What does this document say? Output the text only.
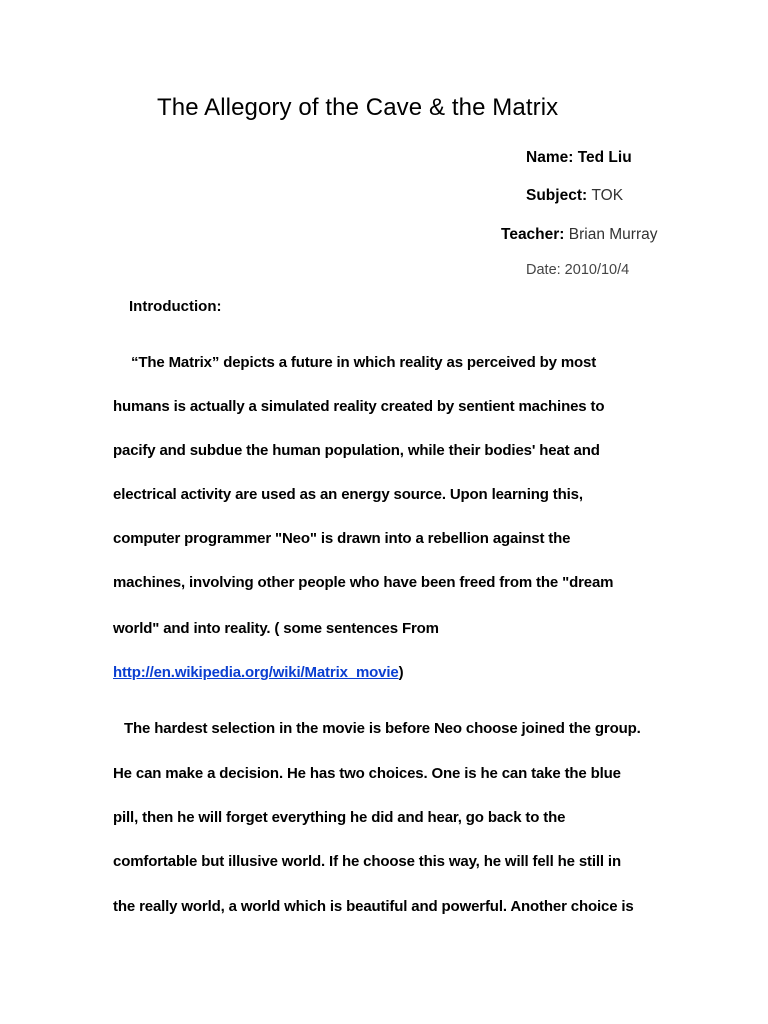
The Allegory of the Cave & the Matrix
Name: Ted Liu
Subject: TOK
Teacher: Brian Murray
Date: 2010/10/4
Introduction:
“The Matrix” depicts a future in which reality as perceived by most
humans is actually a simulated reality created by sentient machines to
pacify and subdue the human population, while their bodies' heat and
electrical activity are used as an energy source. Upon learning this,
computer programmer "Neo" is drawn into a rebellion against the
machines, involving other people who have been freed from the "dream
world" and into reality. ( some sentences From
http://en.wikipedia.org/wiki/Matrix_movie)
The hardest selection in the movie is before Neo choose joined the group.
He can make a decision. He has two choices. One is he can take the blue
pill, then he will forget everything he did and hear, go back to the
comfortable but illusive world. If he choose this way, he will fell he still in
the really world, a world which is beautiful and powerful. Another choice is
